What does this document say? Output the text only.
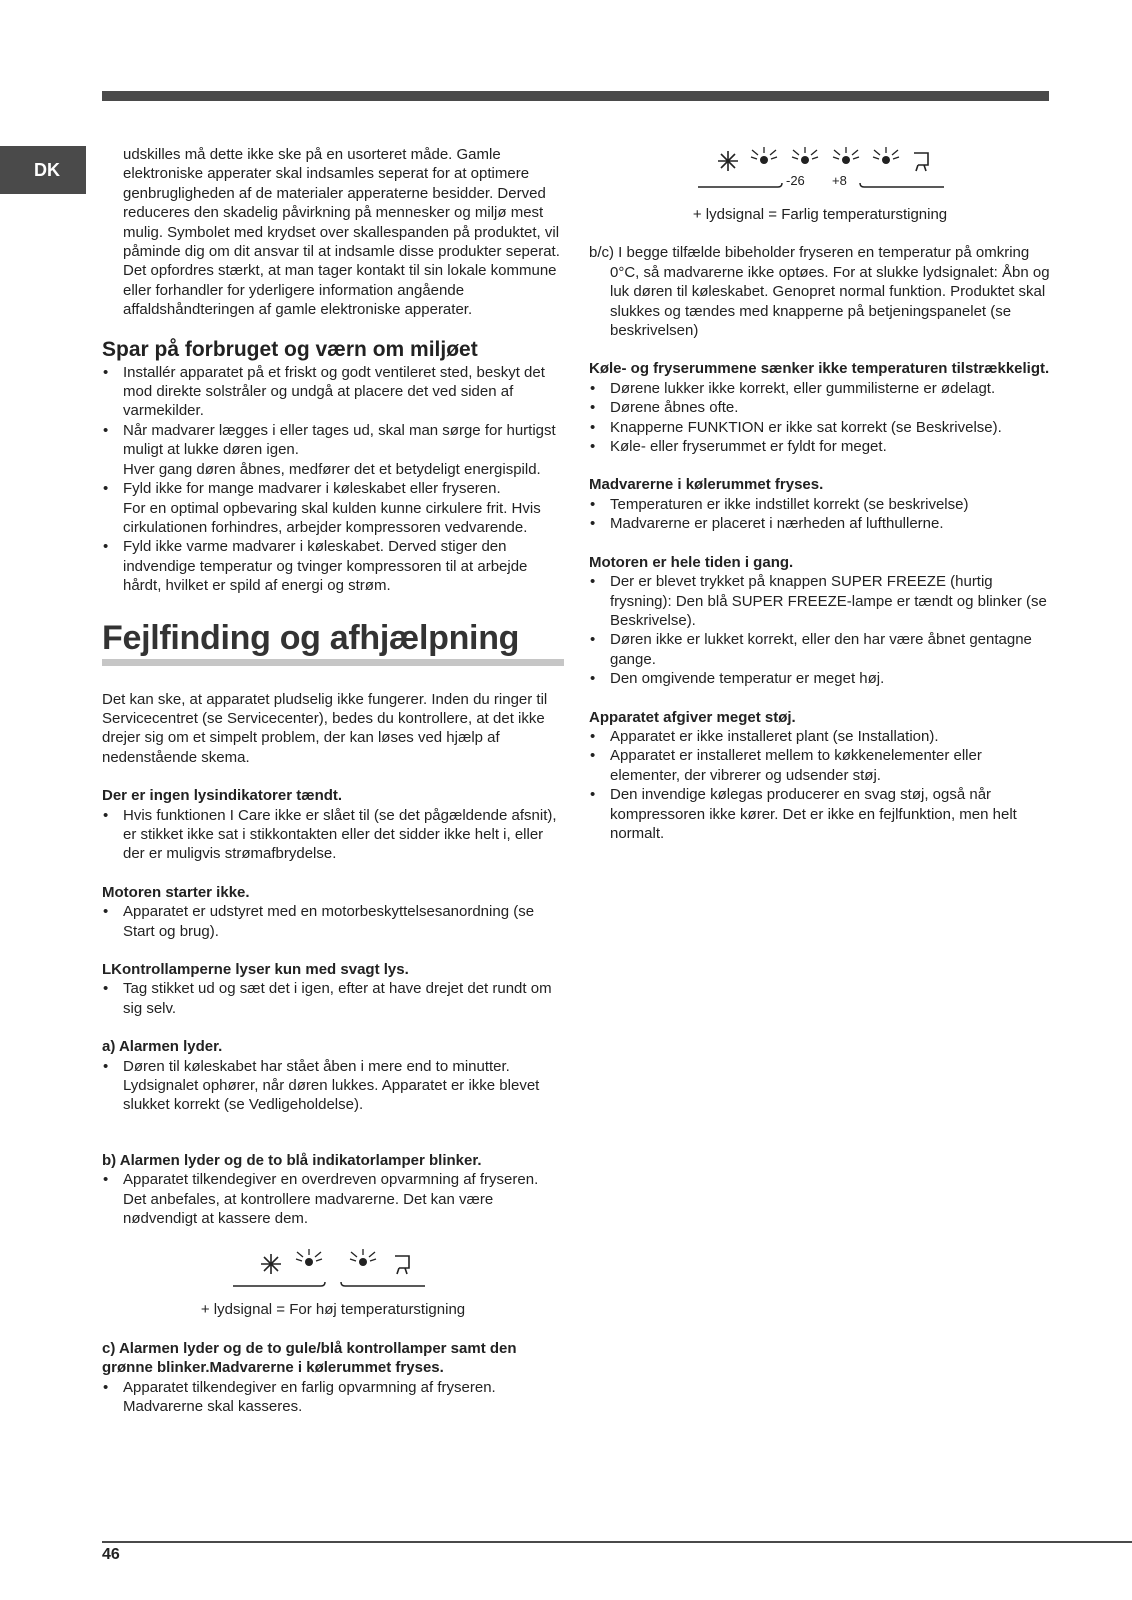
DK

udskilles må dette ikke ske på en usorteret måde. Gamle elektroniske apperater skal indsamles seperat for at optimere genbrugligheden af de materialer apperaterne besidder. Derved reduceres den skadelig påvirkning på mennesker og miljø mest mulig. Symbolet med krydset over skallespanden på produktet, vil påminde dig om dit ansvar til at indsamle disse produkter seperat.

Det opfordres stærkt, at man tager kontakt til sin lokale kommune eller forhandler for yderligere information angående affaldshåndteringen af gamle elektroniske apperater.

Spar på forbruget og værn om miljøet
• Installér apparatet på et friskt og godt ventileret sted, beskyt det mod direkte solstråler og undgå at placere det ved siden af varmekilder.
• Når madvarer lægges i eller tages ud, skal man sørge for hurtigst muligt at lukke døren igen.
Hver gang døren åbnes, medfører det et betydeligt energispild.
• Fyld ikke for mange madvarer i køleskabet eller fryseren.
For en optimal opbevaring skal kulden kunne cirkulere frit. Hvis cirkulationen forhindres, arbejder kompressoren vedvarende.
• Fyld ikke varme madvarer i køleskabet. Derved stiger den indvendige temperatur og tvinger kompressoren til at arbejde hårdt, hvilket er spild af energi og strøm.
Fejlfinding og afhjælpning

Det kan ske, at apparatet pludselig ikke fungerer. Inden du ringer til Servicecentret (se Servicecenter), bedes du kontrollere, at det ikke drejer sig om et simpelt problem, der kan løses ved hjælp af nedenstående skema.

Der er ingen lysindikatorer tændt.

• Hvis funktionen I Care ikke er slået til (se det pågældende afsnit), er stikket ikke sat i stikkontakten eller det sidder ikke helt i, eller der er muligvis strømafbrydelse.

Motoren starter ikke.

• Apparatet er udstyret med en motorbeskyttelsesanordning (se Start og brug).

LKontrollamperne lyser kun med svagt lys.

• Tag stikket ud og sæt det i igen, efter at have drejet det rundt om sig selv.

a) Alarmen lyder.

• Døren til køleskabet har stået åben i mere end to minutter. Lydsignalet ophører, når døren lukkes. Apparatet er ikke blevet slukket korrekt (se Vedligeholdelse).

b) Alarmen lyder og de to blå indikatorlamper blinker.

• Apparatet tilkendegiver en overdreven opvarmning af fryseren.
Det anbefales, at kontrollere madvarerne. Det kan være nødvendigt at kassere dem.

+ lydsignal = For høj temperaturstigning

c) Alarmen lyder og de to gule/blå kontrollamper samt den grønne blinker.Madvarerne i kølerummet fryses.

• Apparatet tilkendegiver en farlig opvarmning af fryseren. Madvarerne skal kasseres.
-26 +8

+ lydsignal = Farlig temperaturstigning

b/c) I begge tilfælde bibeholder fryseren en temperatur på omkring 0°C, så madvarerne ikke optøes. For at slukke lydsignalet: Åbn og luk døren til køleskabet. Genopret normal funktion. Produktet skal slukkes og tændes med knapperne på betjeningspanelet (se beskrivelsen)

Køle- og fryserummene sænker ikke temperaturen tilstrækkeligt.

• Dørene lukker ikke korrekt, eller gummilisterne er ødelagt.
• Dørene åbnes ofte.
• Knapperne FUNKTION er ikke sat korrekt (se Beskrivelse).
• Køle- eller fryserummet er fyldt for meget.

Madvarerne i kølerummet fryses.

• Temperaturen er ikke indstillet korrekt (se beskrivelse)
• Madvarerne er placeret i nærheden af lufthullerne.

Motoren er hele tiden i gang.

• Der er blevet trykket på knappen SUPER FREEZE (hurtig frysning): Den blå SUPER FREEZE-lampe er tændt og blinker (se Beskrivelse).
• Døren ikke er lukket korrekt, eller den har være åbnet gentagne gange.
• Den omgivende temperatur er meget høj.

Apparatet afgiver meget støj.

• Apparatet er ikke installeret plant (se Installation).
• Apparatet er installeret mellem to køkkenelementer eller elementer, der vibrerer og udsender støj.
• Den invendige kølegas producerer en svag støj, også når kompressoren ikke kører. Det er ikke en fejlfunktion, men helt normalt.
46
